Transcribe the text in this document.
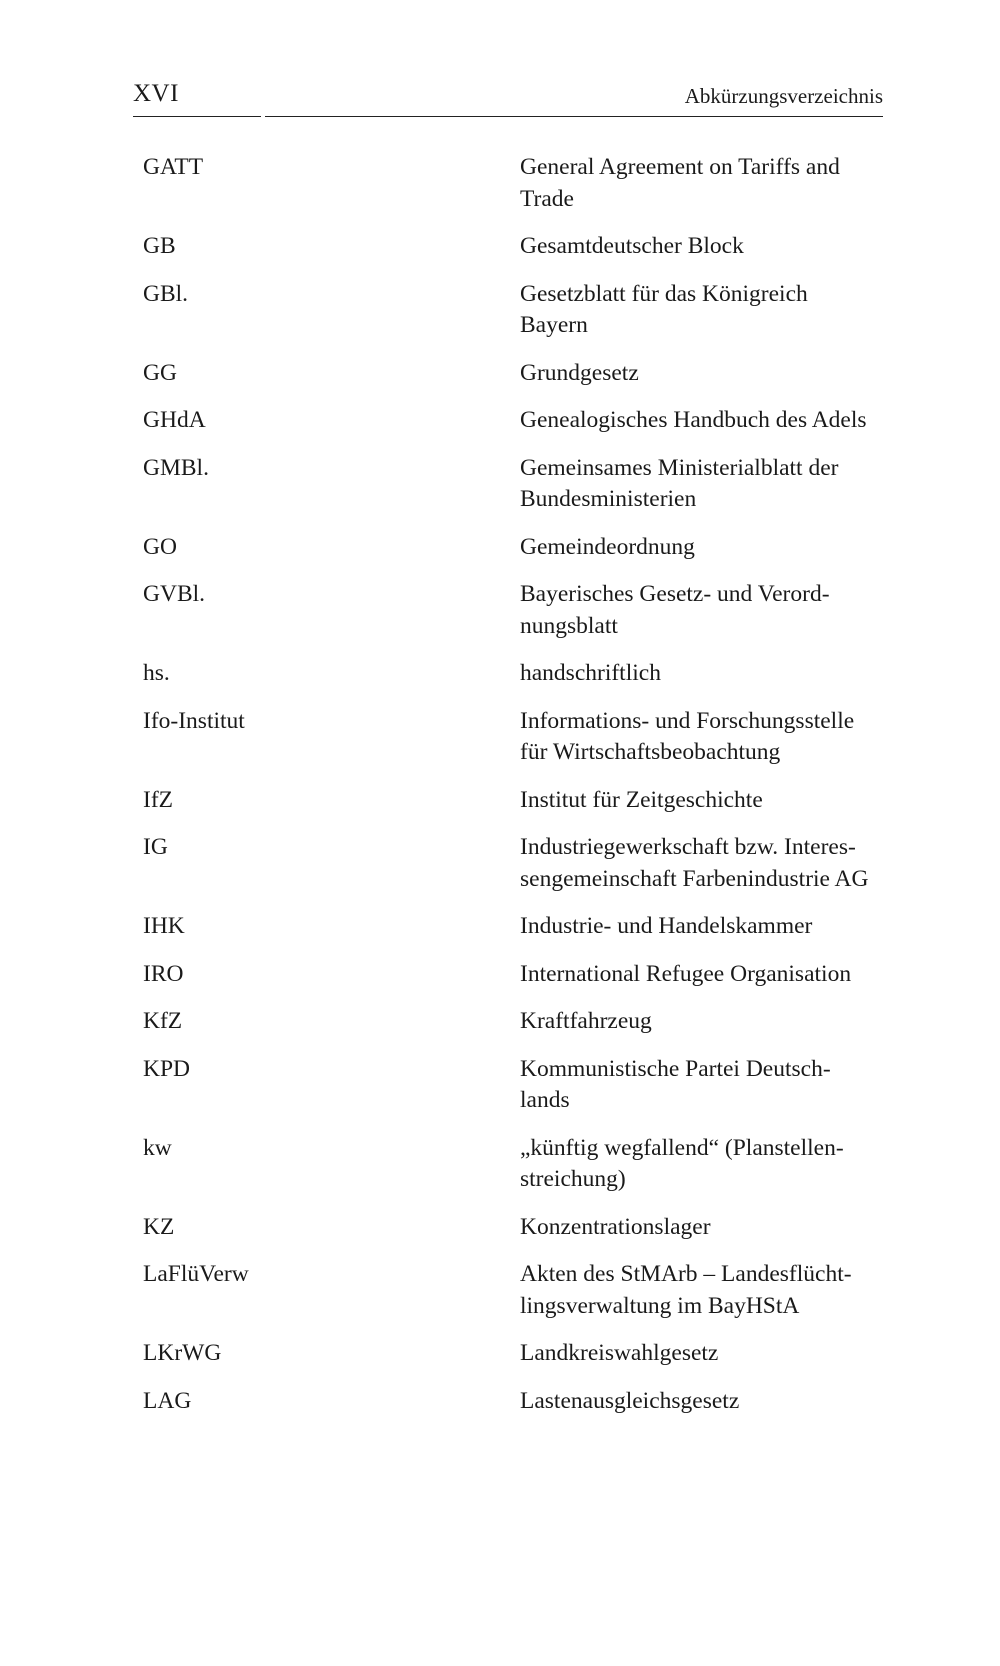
XVI	Abkürzungsverzeichnis
GATT	General Agreement on Tariffs and
Trade
GB	Gesamtdeutscher Block
GBl.	Gesetzblatt für das Königreich
Bayern
GG	Grundgesetz
GHdA	Genealogisches Handbuch des Adels
GMBl.	Gemeinsames Ministerialblatt der
Bundesministerien
GO	Gemeindeordnung
GVBl.	Bayerisches Gesetz- und Verord-
nungsblatt
hs.	handschriftlich
Ifo-Institut	Informations- und Forschungsstelle
für Wirtschaftsbeobachtung
IfZ	Institut für Zeitgeschichte
IG	Industriegewerkschaft bzw. Interes-
sengemeinschaft Farbenindustrie AG
IHK	Industrie- und Handelskammer
IRO	International Refugee Organisation
KfZ	Kraftfahrzeug
KPD	Kommunistische Partei Deutsch-
lands
kw	„künftig wegfallend“ (Planstellen-
streichung)
KZ	Konzentrationslager
LaFlüVerw	Akten des StMArb – Landesflücht-
lingsverwaltung im BayHStA
LKrWG	Landkreiswahlgesetz
LAG	Lastenausgleichsgesetz
